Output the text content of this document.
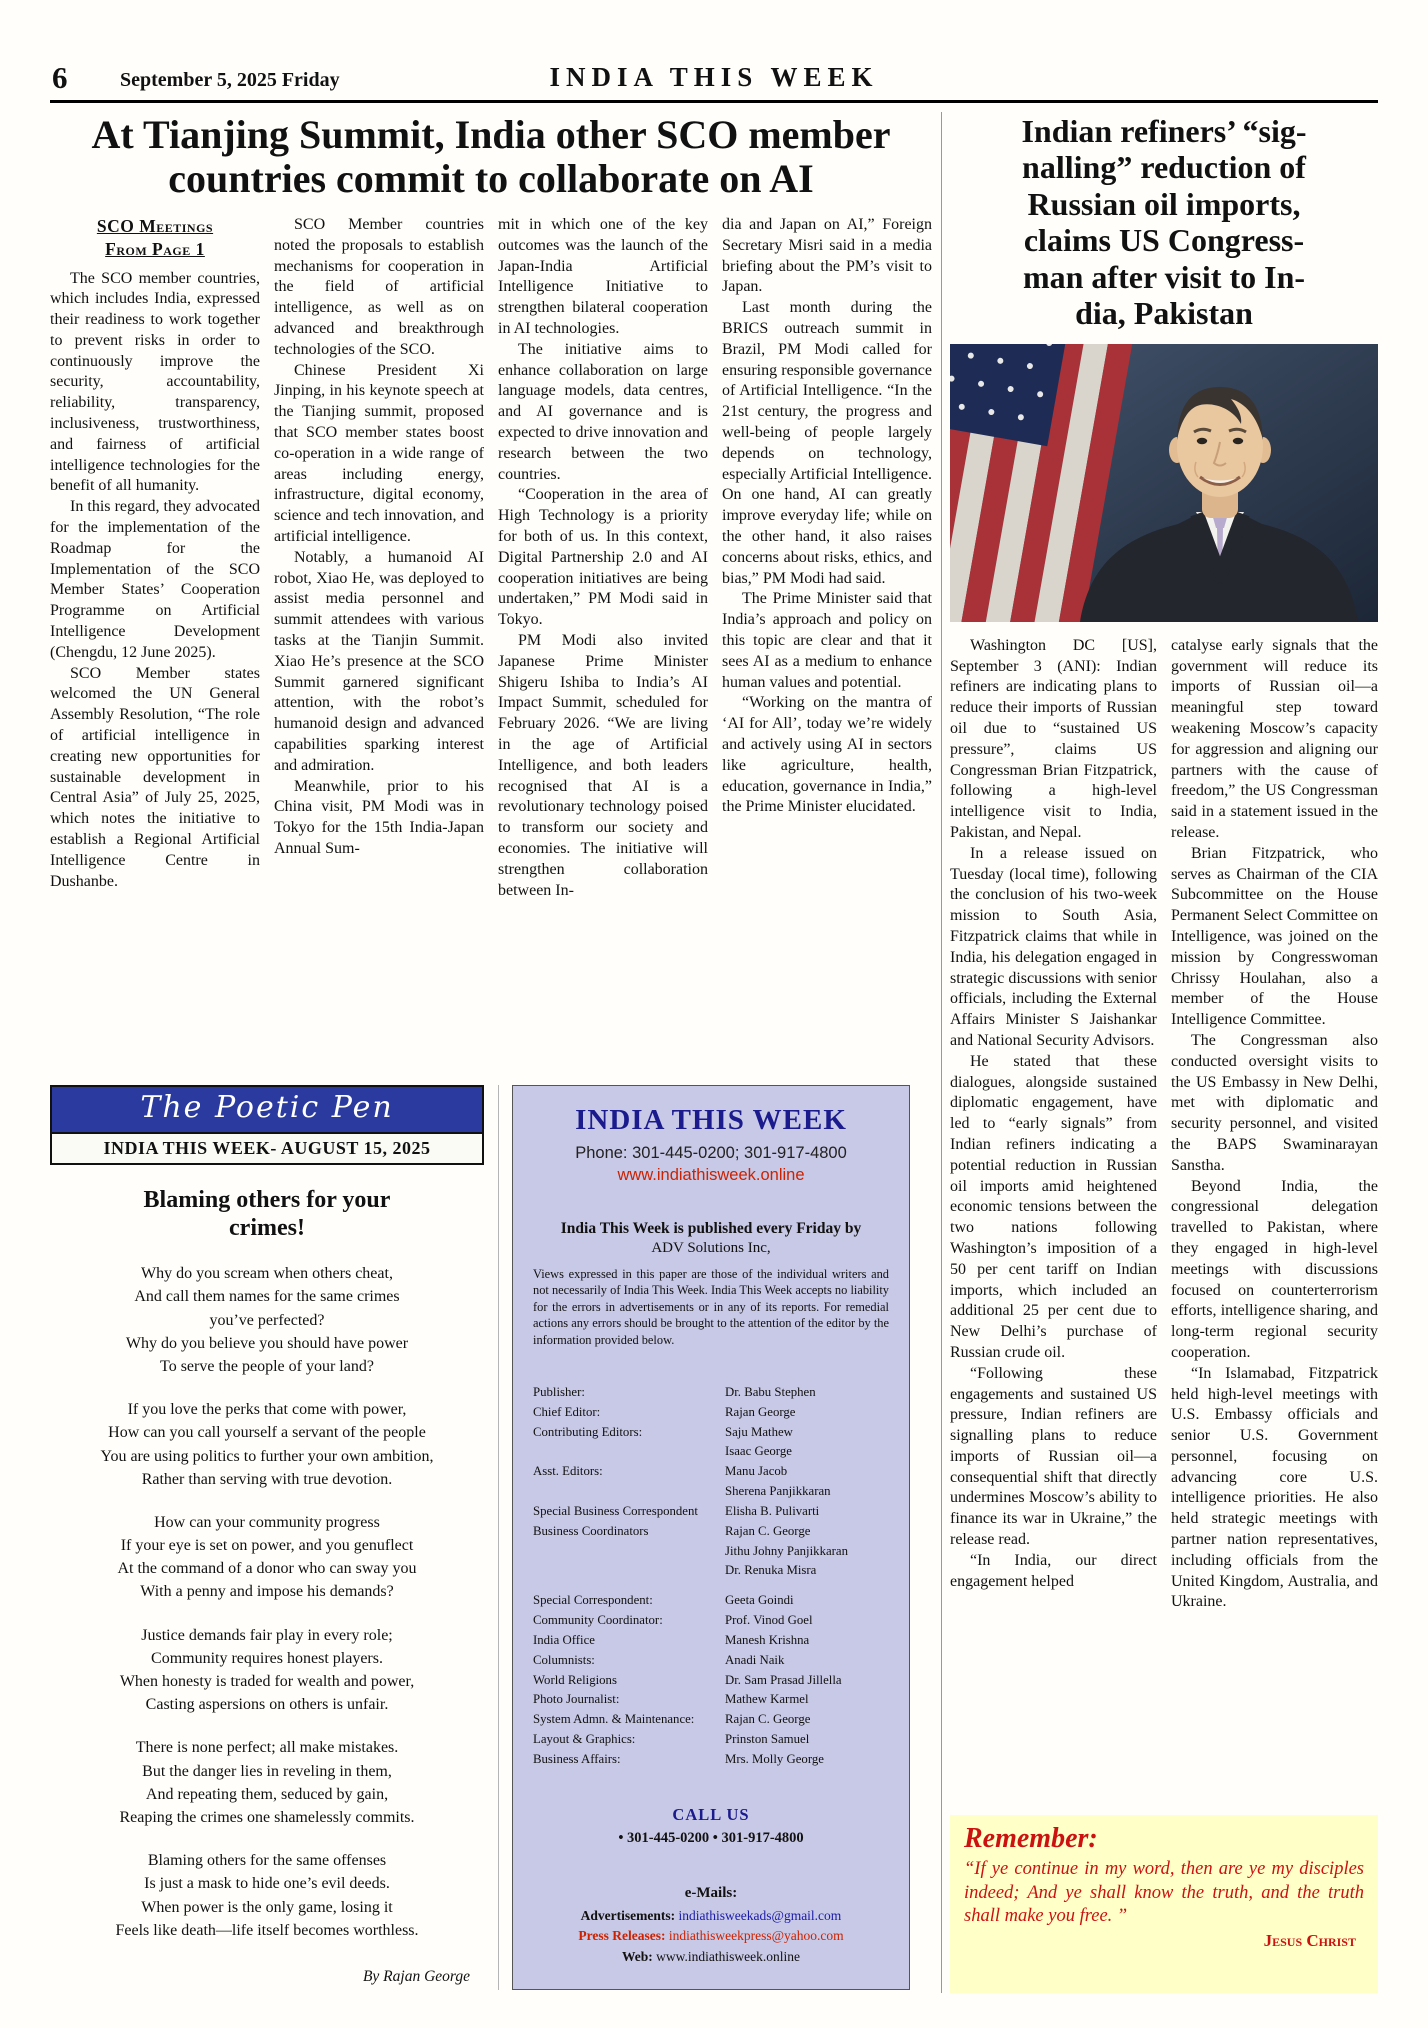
6	September 5, 2025 Friday	INDIA THIS WEEK
At Tianjing Summit, India other SCO member countries commit to collaborate on AI
SCO Meetings
From Page 1

The SCO member countries, which includes India, expressed their readiness to work together to prevent risks in order to continuously improve the security, accountability, reliability, transparency, inclusiveness, trustworthiness, and fairness of artificial intelligence technologies for the benefit of all humanity.

In this regard, they advocated for the implementation of the Roadmap for the Implementation of the SCO Member States’ Cooperation Programme on Artificial Intelligence Development (Chengdu, 12 June 2025).

SCO Member states welcomed the UN General Assembly Resolution, “The role of artificial intelligence in creating new opportunities for sustainable development in Central Asia” of July 25, 2025, which notes the initiative to establish a Regional Artificial Intelligence Centre in Dushanbe.

SCO Member countries noted the proposals to establish mechanisms for cooperation in the field of artificial intelligence, as well as on advanced and breakthrough technologies of the SCO.

Chinese President Xi Jinping, in his keynote speech at the Tianjing summit, proposed that SCO member states boost co-operation in a wide range of areas including energy, infrastructure, digital economy, science and tech innovation, and artificial intelligence.

Notably, a humanoid AI robot, Xiao He, was deployed to assist media personnel and summit attendees with various tasks at the Tianjin Summit. Xiao He’s presence at the SCO Summit garnered significant attention, with the robot’s humanoid design and advanced capabilities sparking interest and admiration.

Meanwhile, prior to his China visit, PM Modi was in Tokyo for the 15th India-Japan Annual Sum-

mit in which one of the key outcomes was the launch of the Japan-India Artificial Intelligence Initiative to strengthen bilateral cooperation in AI technologies.

The initiative aims to enhance collaboration on large language models, data centres, and AI governance and is expected to drive innovation and research between the two countries.

“Cooperation in the area of High Technology is a priority for both of us. In this context, Digital Partnership 2.0 and AI cooperation initiatives are being undertaken,” PM Modi said in Tokyo.

PM Modi also invited Japanese Prime Minister Shigeru Ishiba to India’s AI Impact Summit, scheduled for February 2026. “We are living in the age of Artificial Intelligence, and both leaders recognised that AI is a revolutionary technology poised to transform our society and economies. The initiative will strengthen collaboration between In-

dia and Japan on AI,” Foreign Secretary Misri said in a media briefing about the PM’s visit to Japan.

Last month during the BRICS outreach summit in Brazil, PM Modi called for ensuring responsible governance of Artificial Intelligence. “In the 21st century, the progress and well-being of people largely depends on technology, especially Artificial Intelligence. On one hand, AI can greatly improve everyday life; while on the other hand, it also raises concerns about risks, ethics, and bias,” PM Modi had said.

The Prime Minister said that India’s approach and policy on this topic are clear and that it sees AI as a medium to enhance human values and potential.

“Working on the mantra of ‘AI for All’, today we’re widely and actively using AI in sectors like agriculture, health, education, governance in India,” the Prime Minister elucidated.

The Poetic Pen
INDIA THIS WEEK- AUGUST 15, 2025
Blaming others for your crimes!
Why do you scream when others cheat,
And call them names for the same crimes
you’ve perfected?
Why do you believe you should have power
To serve the people of your land?
If you love the perks that come with power,
How can you call yourself a servant of the people
You are using politics to further your own ambition,
Rather than serving with true devotion.
How can your community progress
If your eye is set on power, and you genuflect
At the command of a donor who can sway you
With a penny and impose his demands?
Justice demands fair play in every role;
Community requires honest players.
When honesty is traded for wealth and power,
Casting aspersions on others is unfair.
There is none perfect; all make mistakes.
But the danger lies in reveling in them,
And repeating them, seduced by gain,
Reaping the crimes one shamelessly commits.
Blaming others for the same offenses
Is just a mask to hide one’s evil deeds.
When power is the only game, losing it
Feels like death—life itself becomes worthless.
By Rajan George
INDIA THIS WEEK
Phone: 301-445-0200; 301-917-4800
www.indiathisweek.online
India This Week is published every Friday by
ADV Solutions Inc,

Views expressed in this paper are those of the individual writers and not necessarily of India This Week. India This Week accepts no liability for the errors in advertisements or in any of its reports. For remedial actions any errors should be brought to the attention of the editor by the information provided below.

Publisher:	Dr. Babu Stephen
Chief Editor:	Rajan George
Contributing Editors:	Saju Mathew
Isaac George
Asst. Editors:	Manu Jacob
Sherena Panjikkaran
Special Business Correspondent	Elisha B. Pulivarti
Business Coordinators	Rajan C. George
Jithu Johny Panjikkaran
Dr. Renuka Misra
Special Correspondent:	Geeta Goindi
Community Coordinator:	Prof. Vinod Goel
India Office	Manesh Krishna
Columnists:	Anadi Naik
World Religions	Dr. Sam Prasad Jillella
Photo Journalist:	Mathew Karmel
System Admn. & Maintenance:	Rajan C. George
Layout & Graphics:	Prinston Samuel
Business Affairs:	Mrs. Molly George
CALL US
• 301-445-0200 • 301-917-4800
e-Mails:
Advertisements: indiathisweekads@gmail.com
Press Releases: indiathisweekpress@yahoo.com
Web: www.indiathisweek.online
Indian refiners’ “sig-
nalling” reduction of
Russian oil imports,
claims US Congress-
man after visit to In-
dia, Pakistan

Washington DC [US], September 3 (ANI): Indian refiners are indicating plans to reduce their imports of Russian oil due to “sustained US pressure”, claims US Congressman Brian Fitzpatrick, following a high-level intelligence visit to India, Pakistan, and Nepal.

In a release issued on Tuesday (local time), following the conclusion of his two-week mission to South Asia, Fitzpatrick claims that while in India, his delegation engaged in strategic discussions with senior officials, including the External Affairs Minister S Jaishankar and National Security Advisors.

He stated that these dialogues, alongside sustained diplomatic engagement, have led to “early signals” from Indian refiners indicating a potential reduction in Russian oil imports amid heightened economic tensions between the two nations following Washington’s imposition of a 50 per cent tariff on Indian imports, which included an additional 25 per cent due to New Delhi’s purchase of Russian crude oil.

“Following these engagements and sustained US pressure, Indian refiners are signalling plans to reduce imports of Russian oil—a consequential shift that directly undermines Moscow’s ability to finance its war in Ukraine,” the release read.

“In India, our direct engagement helped

catalyse early signals that the government will reduce its imports of Russian oil—a meaningful step toward weakening Moscow’s capacity for aggression and aligning our partners with the cause of freedom,” the US Congressman said in a statement issued in the release.

Brian Fitzpatrick, who serves as Chairman of the CIA Subcommittee on the House Permanent Select Committee on Intelligence, was joined on the mission by Congresswoman Chrissy Houlahan, also a member of the House Intelligence Committee.

The Congressman also conducted oversight visits to the US Embassy in New Delhi, met with diplomatic and security personnel, and visited the BAPS Swaminarayan Sanstha.

Beyond India, the congressional delegation travelled to Pakistan, where they engaged in high-level meetings with discussions focused on counterterrorism efforts, intelligence sharing, and long-term regional security cooperation.

“In Islamabad, Fitzpatrick held high-level meetings with U.S. Embassy officials and senior U.S. Government personnel, focusing on advancing core U.S. intelligence priorities. He also held strategic meetings with partner nation representatives, including officials from the United Kingdom, Australia, and Ukraine.

Remember:

“If ye continue in my word, then are ye my disciples indeed; And ye shall know the truth, and the truth shall make you free. ”

Jesus Christ
